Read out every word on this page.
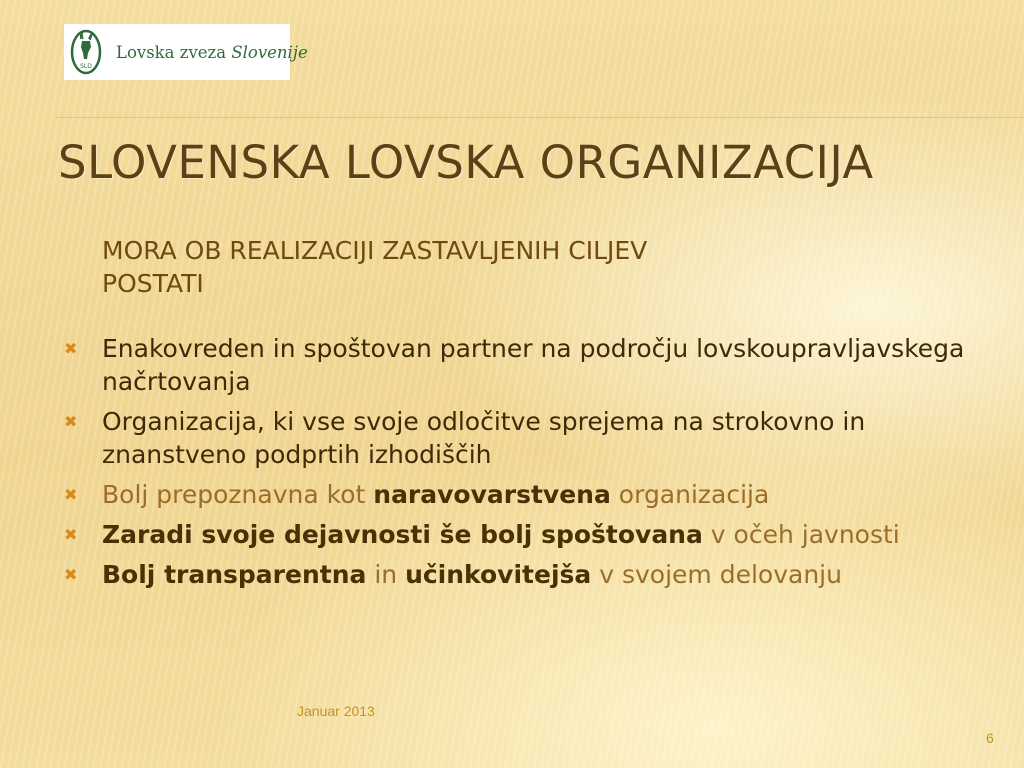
SLD
Lovska zveza Slovenije
SLOVENSKA LOVSKA ORGANIZACIJA
MORA OB REALIZACIJI ZASTAVLJENIH CILJEV
POSTATI
✖ Enakovreden in spoštovan partner na področju lovskoupravljavskega načrtovanja
✖ Organizacija, ki vse svoje odločitve sprejema na strokovno in znanstveno podprtih izhodiščih
✖ Bolj prepoznavna kot naravovarstvena organizacija
✖ Zaradi svoje dejavnosti še bolj spoštovana v očeh javnosti
✖ Bolj transparentna in učinkovitejša v svojem delovanju
Januar 2013
6
